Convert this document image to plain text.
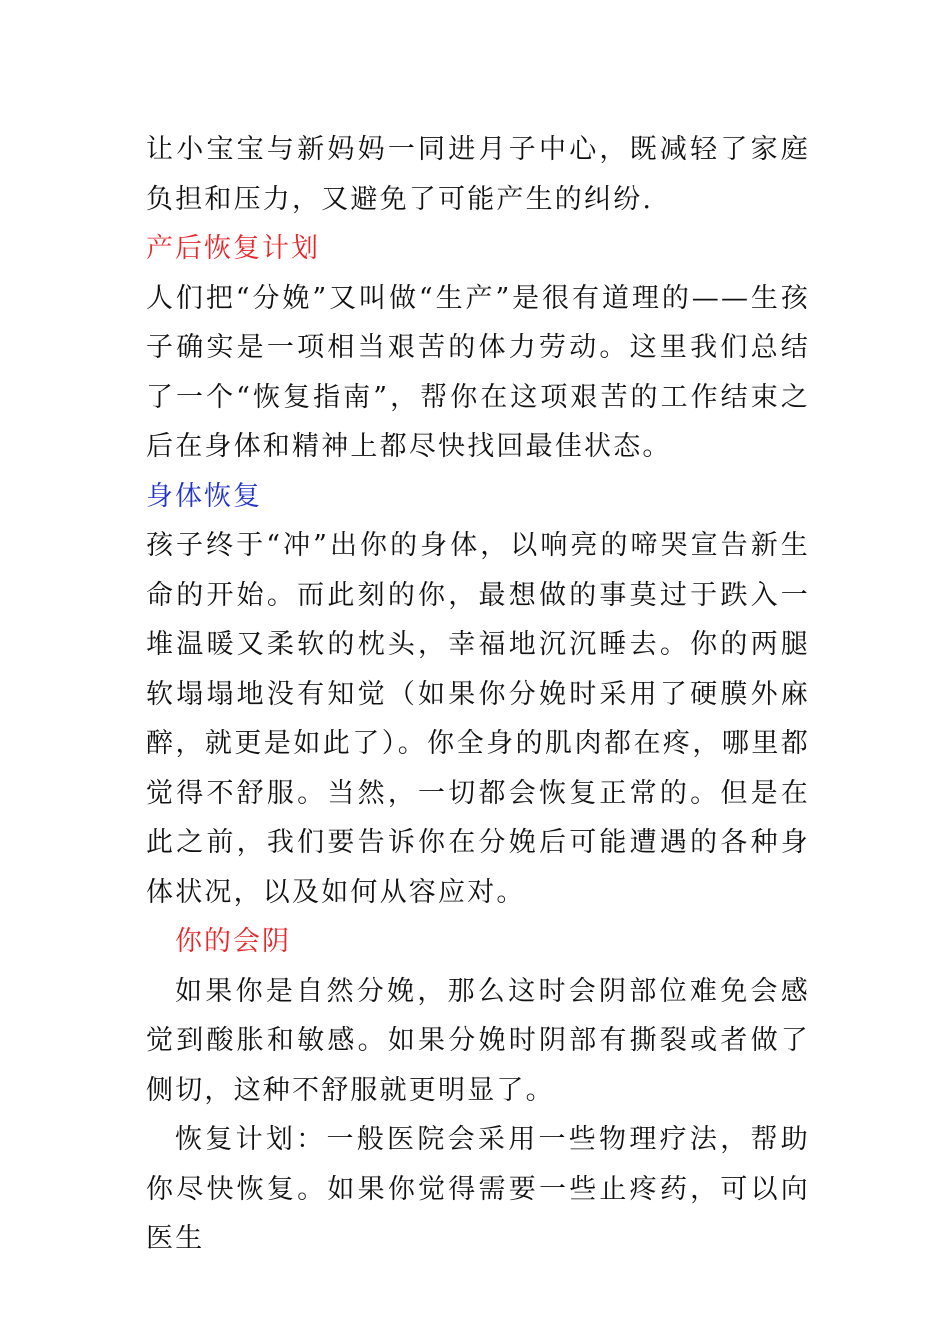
让小宝宝与新妈妈一同进月子中心，既减轻了家庭负担和压力，又避免了可能产生的纠纷.

产后恢复计划

人们把“分娩”又叫做“生产”是很有道理的——生孩子确实是一项相当艰苦的体力劳动。这里我们总结了一个“恢复指南”，帮你在这项艰苦的工作结束之后在身体和精神上都尽快找回最佳状态。

身体恢复

孩子终于“冲”出你的身体，以响亮的啼哭宣告新生命的开始。而此刻的你，最想做的事莫过于跌入一堆温暖又柔软的枕头，幸福地沉沉睡去。你的两腿软塌塌地没有知觉（如果你分娩时采用了硬膜外麻醉，就更是如此了）。你全身的肌肉都在疼，哪里都觉得不舒服。当然，一切都会恢复正常的。但是在此之前，我们要告诉你在分娩后可能遭遇的各种身体状况，以及如何从容应对。

你的会阴

如果你是自然分娩，那么这时会阴部位难免会感觉到酸胀和敏感。如果分娩时阴部有撕裂或者做了侧切，这种不舒服就更明显了。

恢复计划：一般医院会采用一些物理疗法，帮助你尽快恢复。如果你觉得需要一些止疼药，可以向医生
